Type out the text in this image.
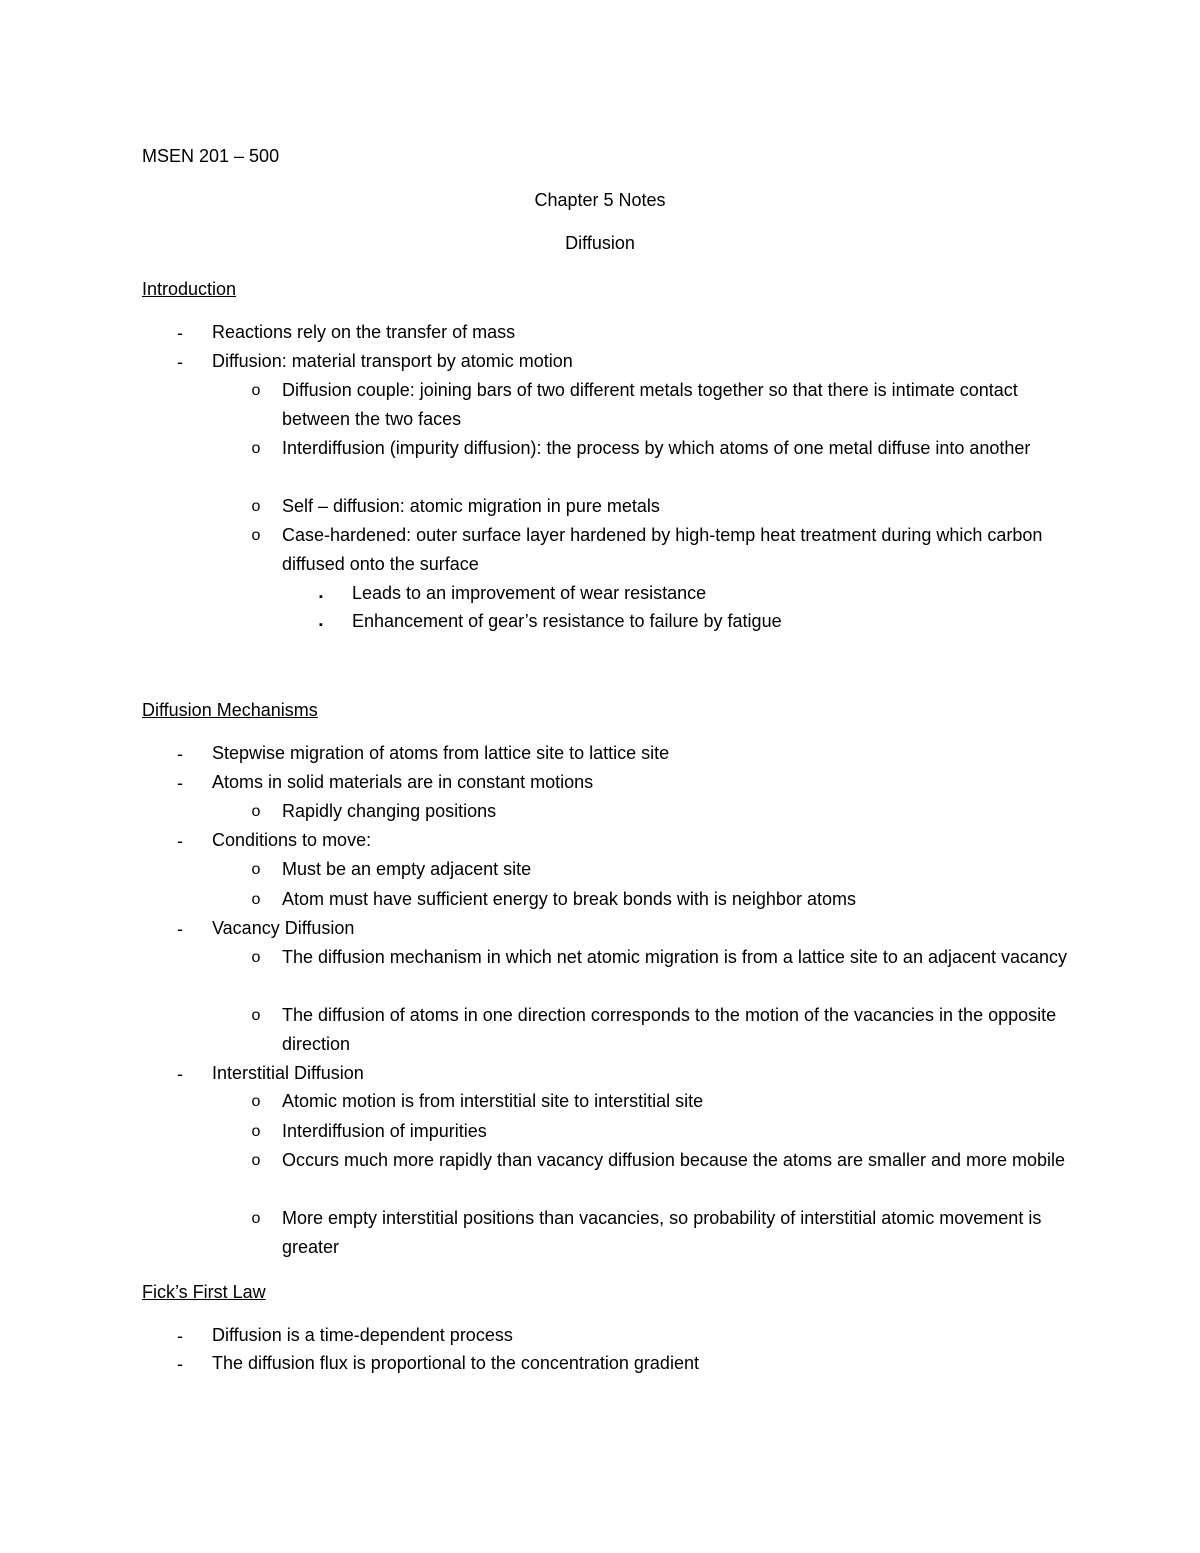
MSEN 201 – 500
Chapter 5 Notes
Diffusion
Introduction
-	Reactions rely on the transfer of mass
-	Diffusion: material transport by atomic motion
o	Diffusion couple: joining bars of two different metals together so that there is intimate contact between the two faces
o	Interdiffusion (impurity diffusion): the process by which atoms of one metal diffuse into another
o	Self – diffusion: atomic migration in pure metals
o	Case-hardened: outer surface layer hardened by high-temp heat treatment during which carbon diffused onto the surface
▪	Leads to an improvement of wear resistance
▪	Enhancement of gear’s resistance to failure by fatigue
Diffusion Mechanisms
-	Stepwise migration of atoms from lattice site to lattice site
-	Atoms in solid materials are in constant motions
o	Rapidly changing positions
-	Conditions to move:
o	Must be an empty adjacent site
o	Atom must have sufficient energy to break bonds with is neighbor atoms
-	Vacancy Diffusion
o	The diffusion mechanism in which net atomic migration is from a lattice site to an adjacent vacancy
o	The diffusion of atoms in one direction corresponds to the motion of the vacancies in the opposite direction
-	Interstitial Diffusion
o	Atomic motion is from interstitial site to interstitial site
o	Interdiffusion of impurities
o	Occurs much more rapidly than vacancy diffusion because the atoms are smaller and more mobile
o	More empty interstitial positions than vacancies, so probability of interstitial atomic movement is greater
Fick’s First Law
-	Diffusion is a time-dependent process
-	The diffusion flux is proportional to the concentration gradient
